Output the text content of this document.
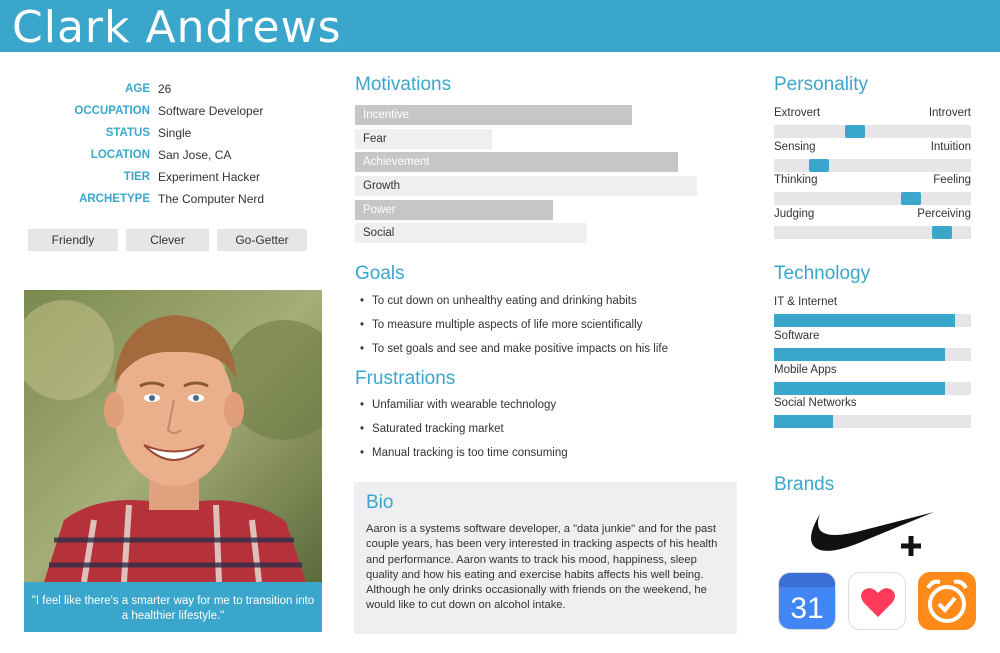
Clark Andrews
AGE 26
OCCUPATION Software Developer
STATUS Single
LOCATION San Jose, CA
TIER Experiment Hacker
ARCHETYPE The Computer Nerd
Friendly	Clever	Go-Getter
"I feel like there's a smarter way for me to transition into a healthier lifestyle."
Motivations
Incentive
Fear
Achievement
Growth
Power
Social
Goals
• To cut down on unhealthy eating and drinking habits
• To measure multiple aspects of life more scientifically
• To set goals and see and make positive impacts on his life
Frustrations
• Unfamiliar with wearable technology
• Saturated tracking market
• Manual tracking is too time consuming
Bio
Aaron is a systems software developer, a "data junkie" and for the past couple years, has been very interested in tracking aspects of his health and performance. Aaron wants to track his mood, happiness, sleep quality and how his eating and exercise habits affects his well being. Although he only drinks occasionally with friends on the weekend, he would like to cut down on alcohol intake.
Personality
Extrovert	Introvert
Sensing	Intuition
Thinking	Feeling
Judging	Perceiving
Technology
IT & Internet
Software
Mobile Apps
Social Networks
Brands
31
